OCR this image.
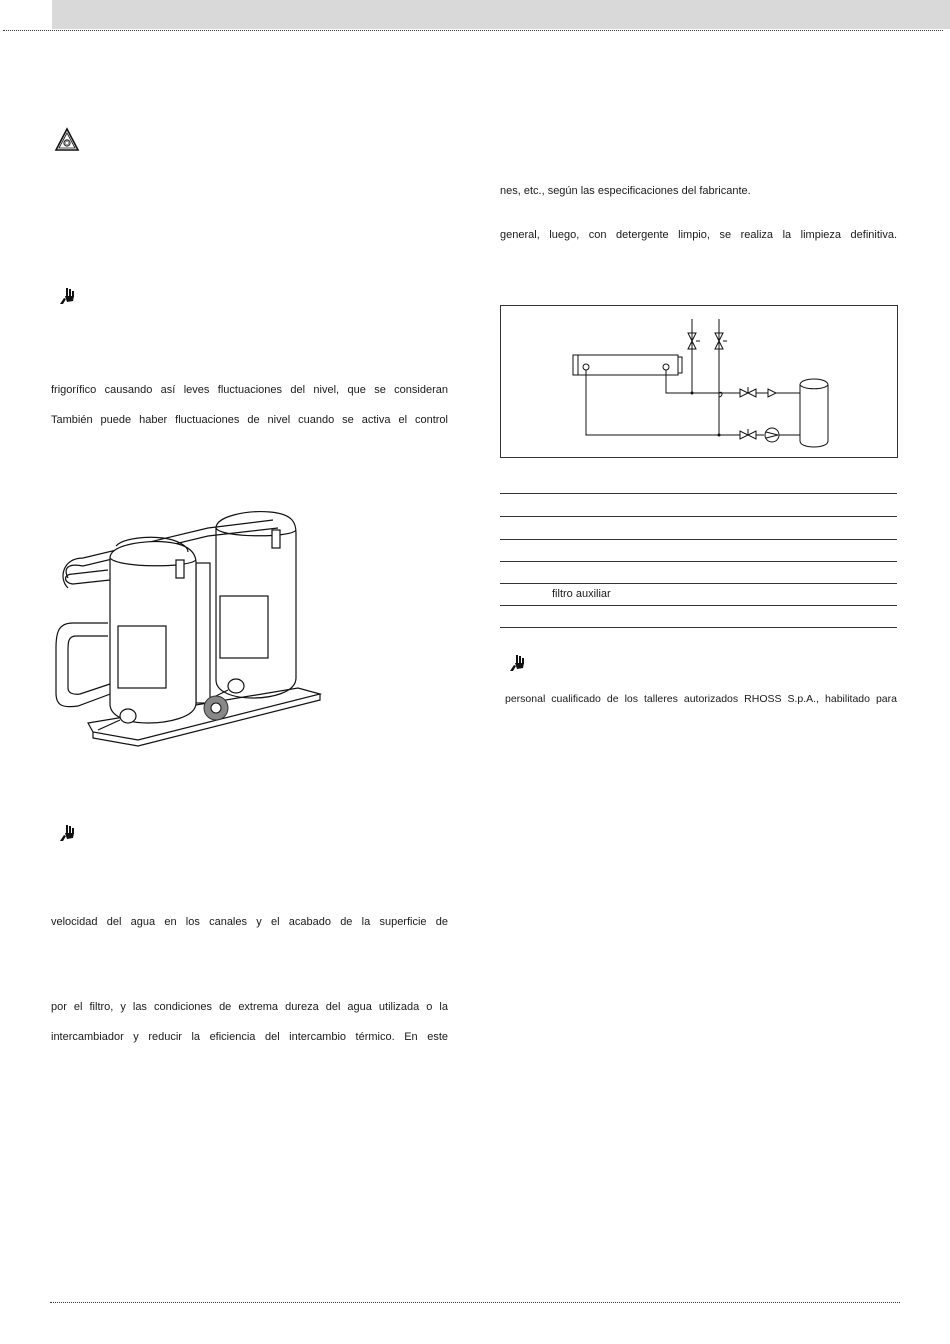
frigorífico causando así leves fluctuaciones del nivel, que se consideran
También puede haber fluctuaciones de nivel cuando se activa el control
velocidad del agua en los canales y el acabado de la superficie de
por el filtro, y las condiciones de extrema dureza del agua utilizada o la
intercambiador y reducir la eficiencia del intercambio térmico. En este
nes, etc., según las especificaciones del fabricante.
general, luego, con detergente limpio, se realiza la limpieza definitiva.
filtro auxiliar
personal cualificado de los talleres autorizados RHOSS S.p.A., habilitado para
